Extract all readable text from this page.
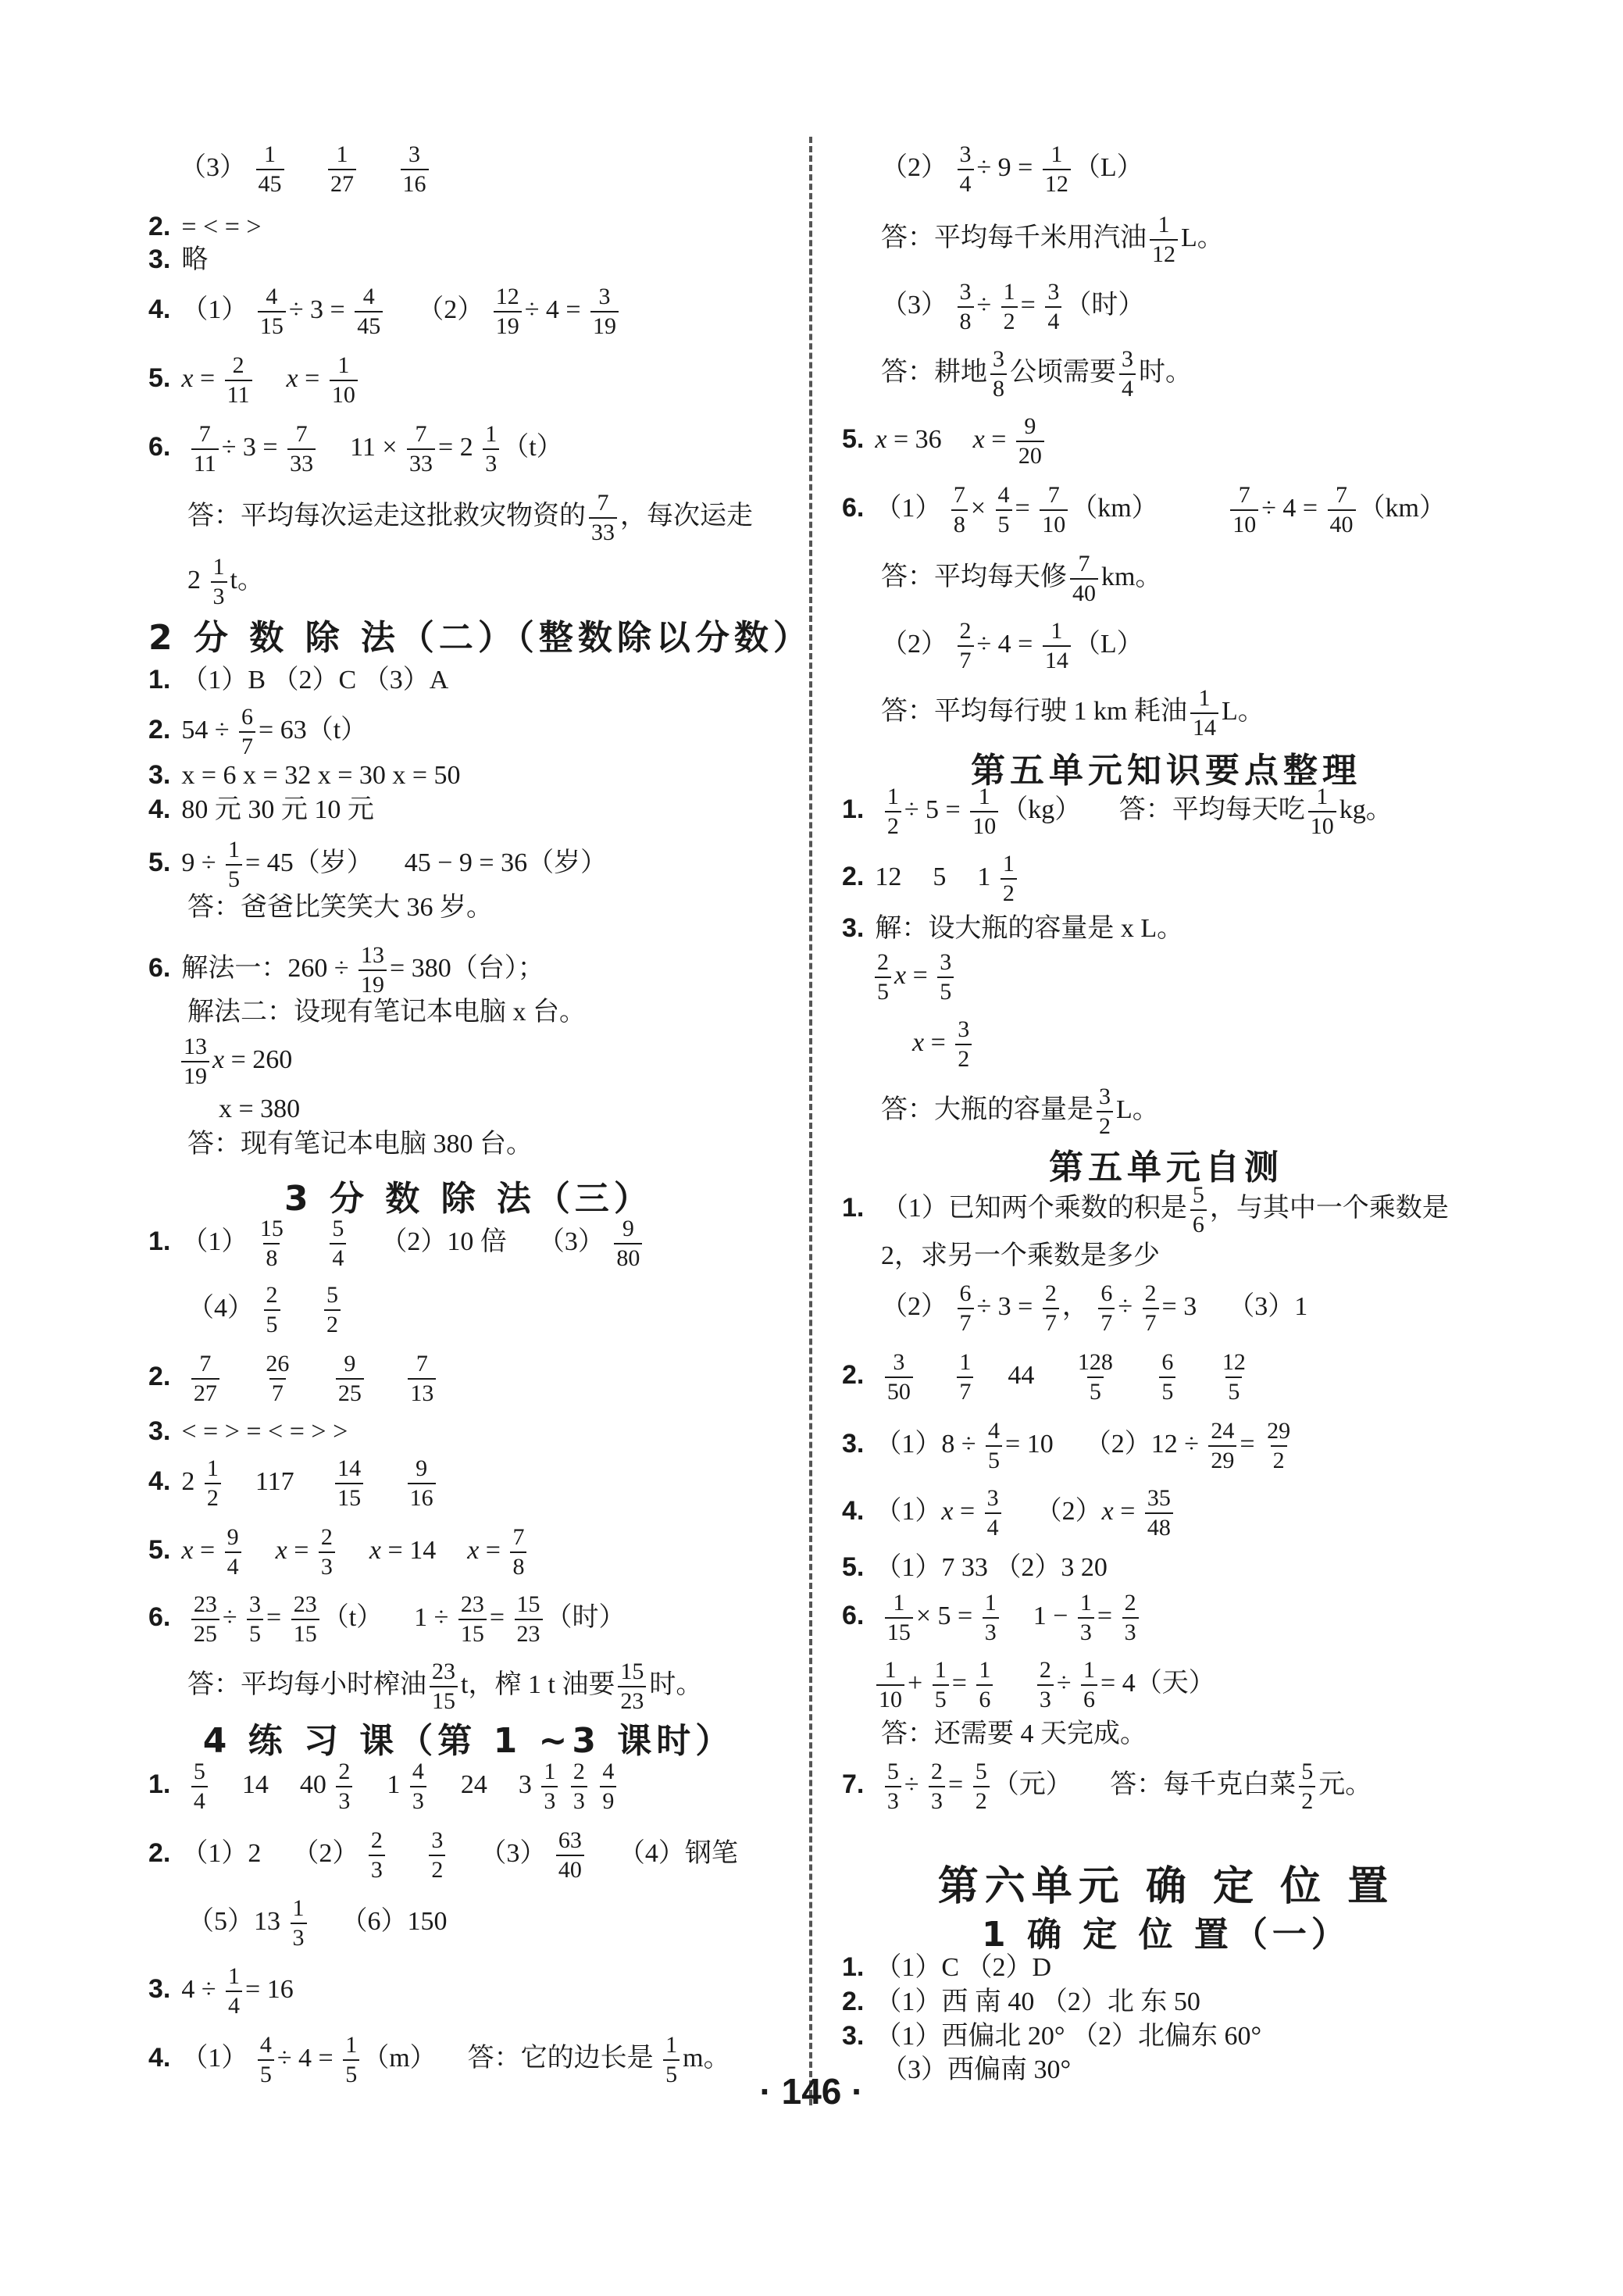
$(3) \frac{1}{45}$
$\frac{1}{27}$
$\frac{3}{16}$
2. = < = >
3. 略
4. $(1) \frac{4}{15} \div 3 = \frac{4}{45} (2) \frac{12}{19} \div 4 = \frac{3}{19}$
5. $x = \frac{2}{11}$ $x = \frac{1}{10}$
6. $\frac{7}{11} \div 3 = \frac{7}{33} 11 \times \frac{7}{33} = 2 \frac{1}{3} (t)$
答：平均每次运走这批救灾物资的 $\frac{7}{33}$ ，每次运走
$2 \frac{1}{3}$ t。
2 分 数 除 法（二）（整数除以分数）
1. （1）B （2）C （3）A
2. $54 \div \frac{6}{7} = 63(t)$
3. x = 6 x = 32 x = 30 x = 50
4. 80 元 30 元 10 元
5. $9 \div \frac{1}{5} = 45$（岁） 45 − 9 = 36（岁）
答：爸爸比笑笑大 36 岁。
6. 解法一：$260 \div \frac{13}{19} = 380$（台）；
解法二：设现有笔记本电脑 x 台。
$\frac{13}{19}$ x = 260
x = 380
答：现有笔记本电脑 380 台。
3 分 数 除 法（三）
1. $(1) \frac{15}{8}$
$\frac{5}{4} (2)10$ 倍 $(3) \frac{9}{80}$
$(4) \frac{2}{5}$
$\frac{5}{2}$
2. $\frac{7}{27}$
$\frac{26}{7}$
$\frac{9}{25}$
$\frac{7}{13}$
3. < = > = < = > >
4. $2 \frac{1}{2} 117 \frac{14}{15}$
$\frac{9}{16}$
5. $x = \frac{9}{4}$ $x = \frac{2}{3}$ x = 14 $x = \frac{7}{8}$
6. $\frac{23}{25} \div \frac{3}{5} = \frac{23}{15} (t) 1 \div \frac{23}{15} = \frac{15}{23}$ （时）
答：平均每小时榨油 $\frac{23}{15}$ t，榨 1 t 油要 $\frac{15}{23}$ 时。
4 练 习 课（第 1 ~3 课时）
1. $\frac{5}{4} 14$ $40 \frac{2}{3} 1 \frac{4}{3} 24$ $3 \frac{1}{3}$
$\frac{2}{3}$
$\frac{4}{9}$
2. （1）2 $(2) \frac{2}{3}$
$\frac{3}{2} (3) \frac{63}{40} (4)$钢笔
$(5)13 \frac{1}{3} (6)150$
3. $4 \div \frac{1}{4} = 16$
4. $(1) \frac{4}{5} \div 4 = \frac{1}{5} (m)$ 答：它的边长是 $\frac{1}{5}$ m。
$(2) \frac{3}{4} \div 9 = \frac{1}{12} (L)$
答：平均每千米用汽油 $\frac{1}{12}$ L。
$(3) \frac{3}{8} \div \frac{1}{2} = \frac{3}{4}$ （时）
答：耕地 $\frac{3}{8}$ 公顷需要 $\frac{3}{4}$ 时。
5. x = 36 $x = \frac{9}{20}$
6. $(1) \frac{7}{8} \times \frac{4}{5} = \frac{7}{10} (km)$	$\frac{7}{10} \div 4 = \frac{7}{40} (km)$
答：平均每天修 $\frac{7}{40}$ km。
$(2) \frac{2}{7} \div 4 = \frac{1}{14} (L)$
答：平均每行驶 1 km 耗油 $\frac{1}{14}$ L。
第五单元知识要点整理
1. $\frac{1}{2} \div 5 = \frac{1}{10} (kg)$ 答：平均每天吃 $\frac{1}{10}$ kg。
2. 12 5 $1 \frac{1}{2}$
3. 解：设大瓶的容量是 x L。
$\frac{2}{5}$ $x = \frac{3}{5}$
$x = \frac{3}{2}$
答：大瓶的容量是 $\frac{3}{2}$ L。
第五单元自测
1. （1）已知两个乘数的积是 $\frac{5}{6}$ ，与其中一个乘数是
2，求另一个乘数是多少
$(2) \frac{6}{7} \div 3 = \frac{2}{7}$ ， $\frac{6}{7} \div \frac{2}{7} = 3$ （3）1
2. $\frac{3}{50}$
$\frac{1}{7} 44 \frac{128}{5}$
$\frac{6}{5}$
$\frac{12}{5}$
3. $(1)8 \div \frac{4}{5} = 10$ $(2)12 \div \frac{24}{29} = \frac{29}{2}$
4. $(1)x = \frac{3}{4} (2)x = \frac{35}{48}$
5. （1）7 33 （2）3 20
6. $\frac{1}{15} \times 5 = \frac{1}{3} 1 - \frac{1}{3} = \frac{2}{3}$
$\frac{1}{10} + \frac{1}{5} = \frac{1}{6}$
$\frac{2}{3} \div \frac{1}{6} = 4$（天）
答：还需要 4 天完成。
7. $\frac{5}{3} \div \frac{2}{3} = \frac{5}{2}$ （元） 答：每千克白菜 $\frac{5}{2}$ 元。
第六单元 确 定 位 置
1 确 定 位 置（一）
1. （1）C （2）D
2. （1）西 南 40 （2）北 东 50
3. （1）西偏北 20° （2）北偏东 60°
（3）西偏南 30°
· 146 ·
